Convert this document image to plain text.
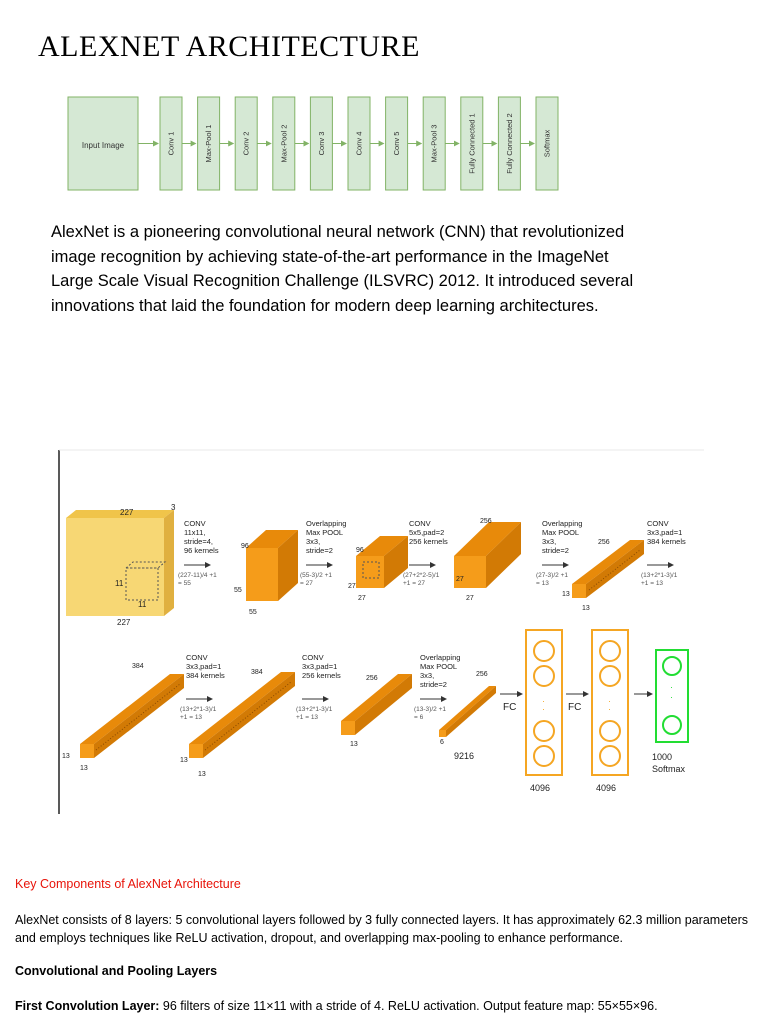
ALEXNET ARCHITECTURE
Input Image	Conv 1	Max-Pool 1	Conv 2	Max-Pool 2	Conv 3	Conv 4	Conv 5	Max-Pool 3	Fully Connected 1	Fully Connected 2	Softmax

AlexNet is a pioneering convolutional neural network (CNN) that revolutionized image recognition by achieving state-of-the-art performance in the ImageNet Large Scale Visual Recognition Challenge (ILSVRC) 2012. It introduced several innovations that laid the foundation for modern deep learning architectures.

227
3
227
11
11
·
·
·
·
·
·
96
55
55
96
27
27
256
27
27
256
13
13
384
13
13
384
13
13
256
13
256
6
9216
FC	FC
4096	4096
1000
Softmax
CONV
11x11,
stride=4,
96 kernels
(227-11)/4 +1
= 55
Overlapping
Max POOL
3x3,
stride=2
(55-3)/2 +1
= 27
CONV
5x5,pad=2
256 kernels
(27+2*2-5)/1
+1 = 27
Overlapping
Max POOL
3x3,
stride=2
(27-3)/2 +1
= 13
CONV
3x3,pad=1
384 kernels
(13+2*1-3)/1
+1 = 13
CONV
3x3,pad=1
384 kernels
(13+2*1-3)/1
+1 = 13
CONV
3x3,pad=1
256 kernels
(13+2*1-3)/1
+1 = 13
Overlapping
Max POOL
3x3,
stride=2
(13-3)/2 +1
= 6

Key Components of AlexNet Architecture

AlexNet consists of 8 layers: 5 convolutional layers followed by 3 fully connected layers. It has approximately 62.3 million parameters and employs techniques like ReLU activation, dropout, and overlapping max-pooling to enhance performance.

Convolutional and Pooling Layers

First Convolution Layer: 96 filters of size 11×11 with a stride of 4. ReLU activation. Output feature map: 55×55×96.
